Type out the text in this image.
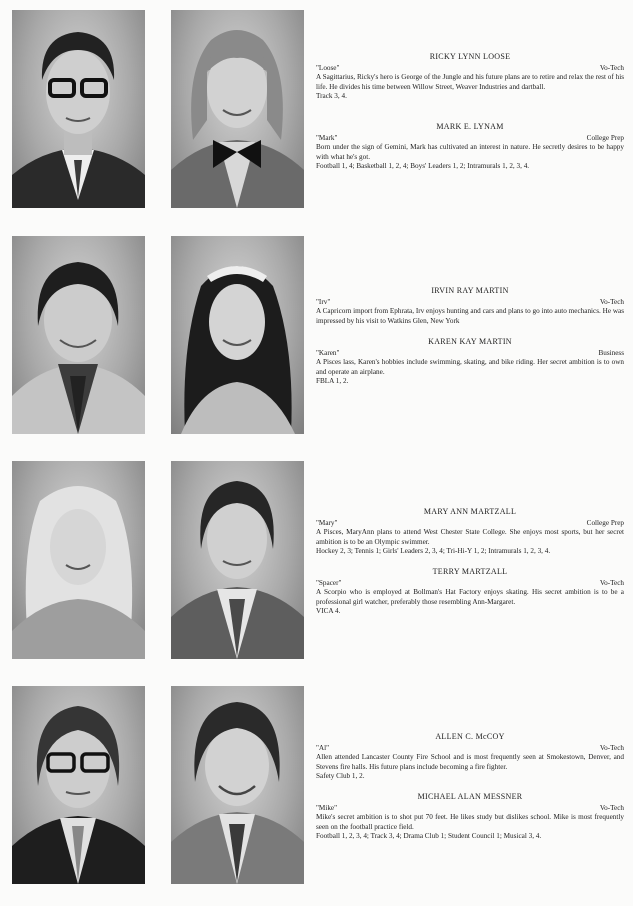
RICKY LYNN LOOSE
"Loose"	Vo-Tech
A Sagittarius, Ricky's hero is George of the Jungle and his future plans are to retire and relax the rest of his life. He divides his time between Willow Street, Weaver Industries and dartball.
Track 3, 4.
MARK E. LYNAM
"Mark"	College Prep
Born under the sign of Gemini, Mark has cultivated an interest in nature. He secretly desires to be happy with what he's got.
Football 1, 4; Basketball 1, 2, 4; Boys' Leaders 1, 2; Intramurals 1, 2, 3, 4.
IRVIN RAY MARTIN
"Irv"	Vo-Tech
A Capricorn import from Ephrata, Irv enjoys hunting and cars and plans to go into auto mechanics. He was impressed by his visit to Watkins Glen, New York
KAREN KAY MARTIN
"Karen"	Business
A Pisces lass, Karen's hobbies include swimming, skating, and bike riding. Her secret ambition is to own and operate an airplane.
FBLA 1, 2.
MARY ANN MARTZALL
"Mary"	College Prep
A Pisces, MaryAnn plans to attend West Chester State College. She enjoys most sports, but her secret ambition is to be an Olympic swimmer.
Hockey 2, 3; Tennis 1; Girls' Leaders 2, 3, 4; Tri-Hi-Y 1, 2; Intramurals 1, 2, 3, 4.
TERRY MARTZALL
"Spacer"	Vo-Tech
A Scorpio who is employed at Bollman's Hat Factory enjoys skating. His secret ambition is to be a professional girl watcher, preferably those resembling Ann-Margaret.
VICA 4.
ALLEN C. McCOY
"Al"	Vo-Tech
Allen attended Lancaster County Fire School and is most frequently seen at Smokestown, Denver, and Stevens fire halls. His future plans include becoming a fire fighter.
Safety Club 1, 2.
MICHAEL ALAN MESSNER
"Mike"	Vo-Tech
Mike's secret ambition is to shot put 70 feet. He likes study but dislikes school. Mike is most frequently seen on the football practice field.
Football 1, 2, 3, 4; Track 3, 4; Drama Club 1; Student Council 1; Musical 3, 4.
